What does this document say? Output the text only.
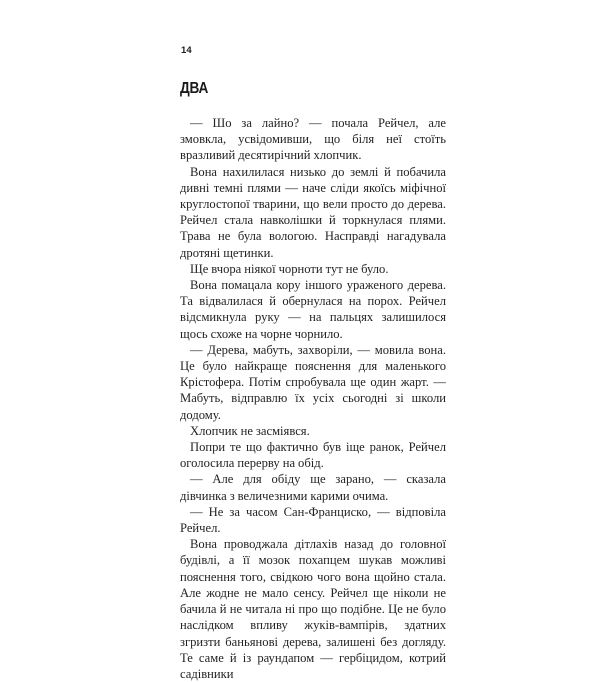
14
ДВА

— Шо за лайно? — почала Рейчел, але змовкла, усвідомивши, що біля неї стоїть вразливий десятирічний хлопчик.

Вона нахилилася низько до землі й побачила дивні темні плями — наче сліди якоїсь міфічної круглостопої тварини, що вели просто до дерева. Рейчел стала навколішки й торкнулася плями. Трава не була вологою. Насправді нагадувала дротяні щетинки.

Ще вчора ніякої чорноти тут не було.

Вона помацала кору іншого ураженого дерева. Та відвалилася й обернулася на порох. Рейчел відсмикнула руку — на пальцях залишилося щось схоже на чорне чорнило.

— Дерева, мабуть, захворіли, — мовила вона. Це було найкраще пояснення для маленького Крістофера. Потім спробувала ще один жарт. — Мабуть, відправлю їх усіх сьогодні зі школи додому.

Хлопчик не засміявся.

Попри те що фактично був іще ранок, Рейчел оголосила перерву на обід.

— Але для обіду ще зарано, — сказала дівчинка з величезними карими очима.

— Не за часом Сан-Франциско, — відповіла Рейчел.

Вона проводжала дітлахів назад до головної будівлі, а її мозок похапцем шукав можливі пояснення того, свідкою чого вона щойно стала. Але жодне не мало сенсу. Рейчел ще ніколи не бачила й не читала ні про що подібне. Це не було наслідком впливу жуків-вампірів, здатних згризти баньянові дерева, залишені без догляду. Те саме й із раундапом — гербіцидом, котрий садівники
